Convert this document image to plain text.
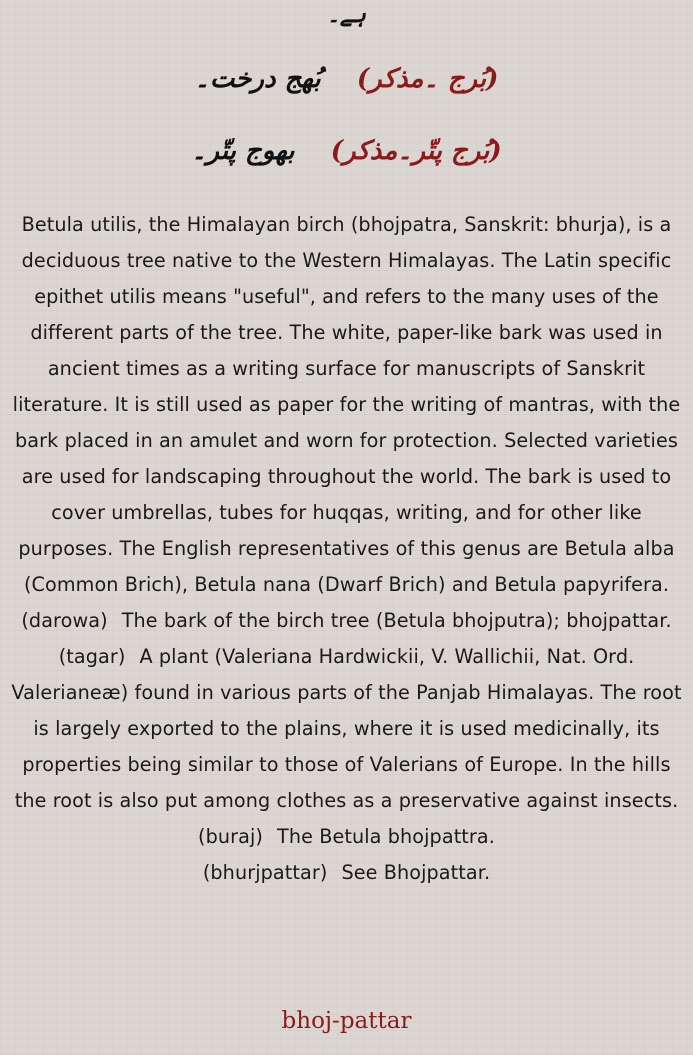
ہے۔
(بُرج ۔مذکر)    بُھج درخت۔
(بُرج پتّر۔مذکر)    بھوج پتّر۔

Betula utilis, the Himalayan birch (bhojpatra, Sanskrit: bhurja), is a deciduous tree native to the Western Himalayas. The Latin specific epithet utilis means "useful", and refers to the many uses of the different parts of the tree. The white, paper-like bark was used in ancient times as a writing surface for manuscripts of Sanskrit literature. It is still used as paper for the writing of mantras, with the bark placed in an amulet and worn for protection. Selected varieties are used for landscaping throughout the world. The bark is used to cover umbrellas, tubes for huqqas, writing, and for other like purposes. The English representatives of this genus are Betula alba (Common Brich), Betula nana (Dwarf Brich) and Betula papyrifera.

(darowa) The bark of the birch tree (Betula bhojputra); bhojpattar.

(tagar) A plant (Valeriana Hardwickii, V. Wallichii, Nat. Ord. Valerianeæ) found in various parts of the Panjab Himalayas. The root is largely exported to the plains, where it is used medicinally, its properties being similar to those of Valerians of Europe. In the hills the root is also put among clothes as a preservative against insects.

(buraj) The Betula bhojpattra.

(bhurjpattar) See Bhojpattar.

bhoj-pattar
